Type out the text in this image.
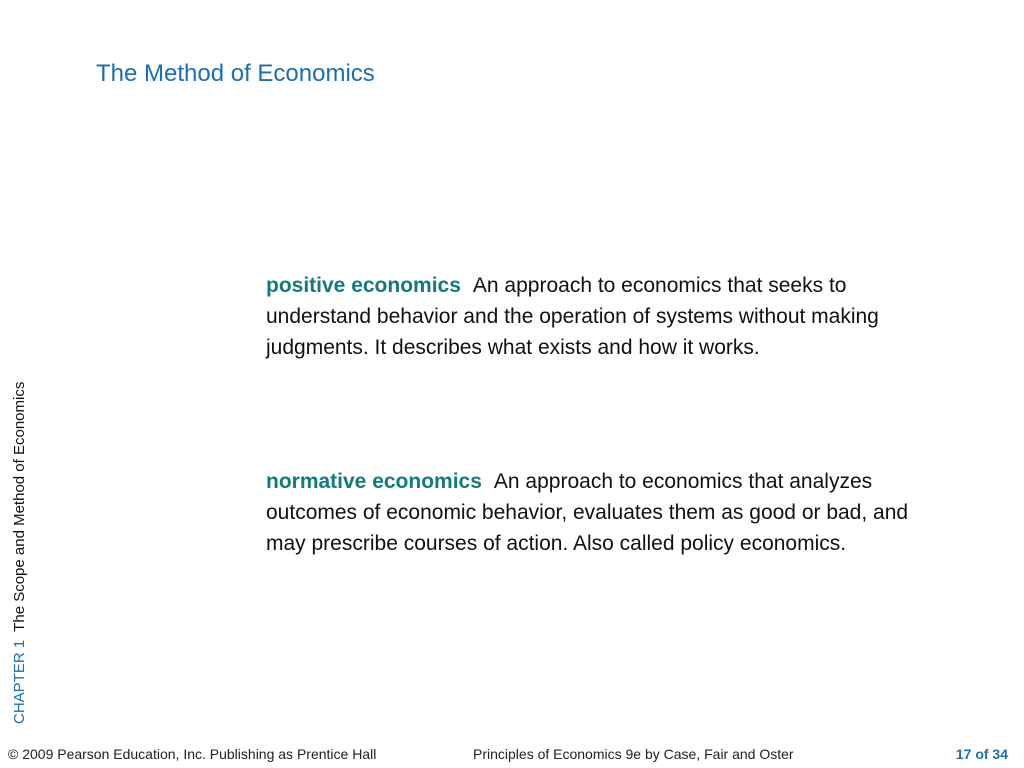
The Method of Economics
CHAPTER 1The Scope and Method of Economics
positive economics An approach to economics that seeks to understand behavior and the operation of systems without making judgments. It describes what exists and how it works.
normative economics An approach to economics that analyzes outcomes of economic behavior, evaluates them as good or bad, and may prescribe courses of action. Also called policy economics.
© 2009 Pearson Education, Inc. Publishing as Prentice Hall	Principles of Economics 9e by Case, Fair and Oster	17 of 34
